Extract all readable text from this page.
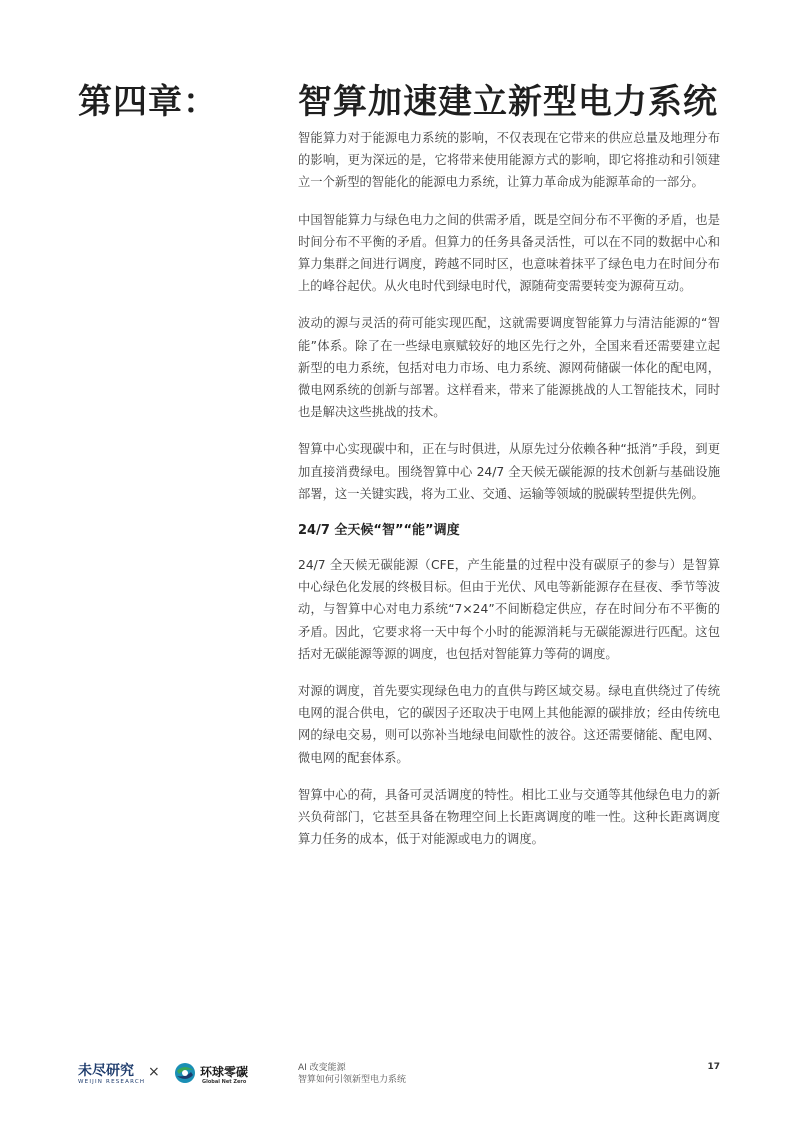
第四章： 智算加速建立新型电力系统

智能算力对于能源电力系统的影响，不仅表现在它带来的供应总量及地理分布的影响，更为深远的是，它将带来使用能源方式的影响，即它将推动和引领建立一个新型的智能化的能源电力系统，让算力革命成为能源革命的一部分。

中国智能算力与绿色电力之间的供需矛盾，既是空间分布不平衡的矛盾，也是时间分布不平衡的矛盾。但算力的任务具备灵活性，可以在不同的数据中心和算力集群之间进行调度，跨越不同时区，也意味着抹平了绿色电力在时间分布上的峰谷起伏。从火电时代到绿电时代，源随荷变需要转变为源荷互动。

波动的源与灵活的荷可能实现匹配，这就需要调度智能算力与清洁能源的“智能”体系。除了在一些绿电禀赋较好的地区先行之外，全国来看还需要建立起新型的电力系统，包括对电力市场、电力系统、源网荷储碳一体化的配电网，微电网系统的创新与部署。这样看来，带来了能源挑战的人工智能技术，同时也是解决这些挑战的技术。

智算中心实现碳中和，正在与时俱进，从原先过分依赖各种“抵消”手段，到更加直接消费绿电。围绕智算中心 24/7 全天候无碳能源的技术创新与基础设施部署，这一关键实践，将为工业、交通、运输等领域的脱碳转型提供先例。

24/7 全天候“智”“能”调度

24/7 全天候无碳能源（CFE，产生能量的过程中没有碳原子的参与）是智算中心绿色化发展的终极目标。但由于光伏、风电等新能源存在昼夜、季节等波动，与智算中心对电力系统“7×24”不间断稳定供应，存在时间分布不平衡的矛盾。因此，它要求将一天中每个小时的能源消耗与无碳能源进行匹配。这包括对无碳能源等源的调度，也包括对智能算力等荷的调度。

对源的调度，首先要实现绿色电力的直供与跨区域交易。绿电直供绕过了传统电网的混合供电，它的碳因子还取决于电网上其他能源的碳排放；经由传统电网的绿电交易，则可以弥补当地绿电间歇性的波谷。这还需要储能、配电网、微电网的配套体系。

智算中心的荷，具备可灵活调度的特性。相比工业与交通等其他绿色电力的新兴负荷部门，它甚至具备在物理空间上长距离调度的唯一性。这种长距离调度算力任务的成本，低于对能源或电力的调度。

未尽研究
WEIJIN RESEARCH
×	环球零碳
Global Net Zero
AI 改变能源
智算如何引领新型电力系统
17
